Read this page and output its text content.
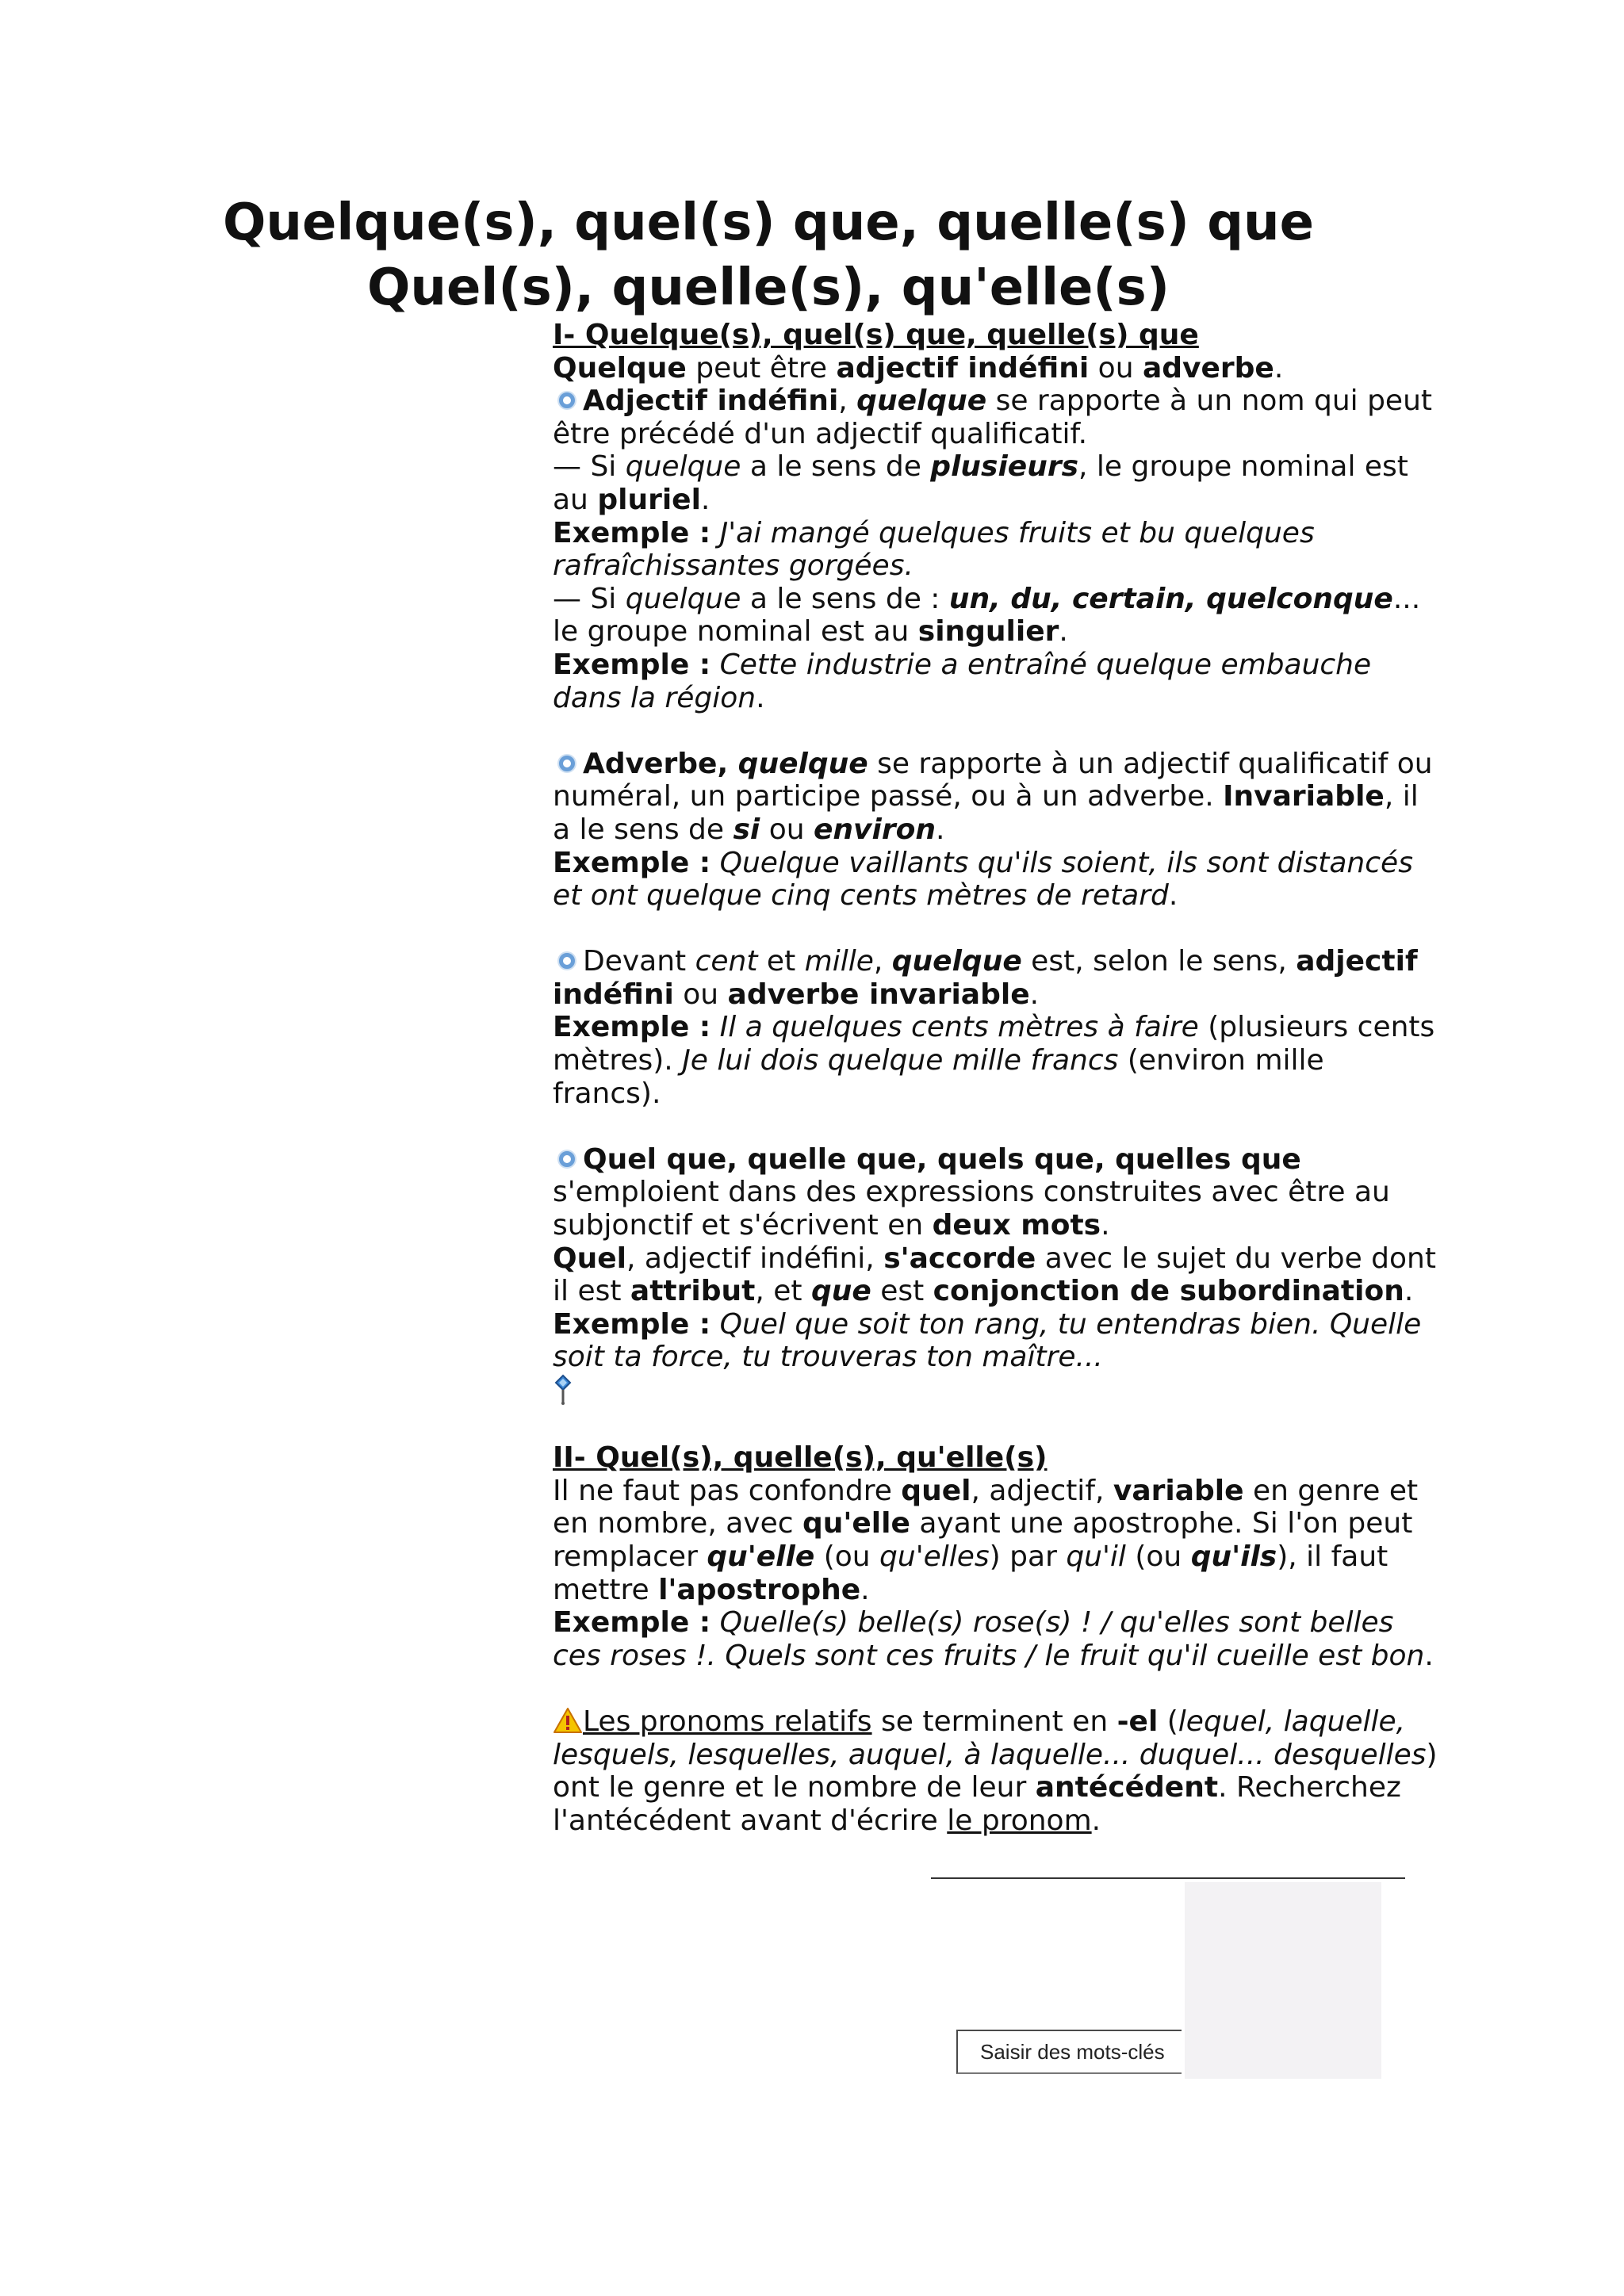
Quelque(s), quel(s) que, quelle(s) que
Quel(s), quelle(s), qu'elle(s)

I- Quelque(s), quel(s) que, quelle(s) que

Quelque peut être adjectif indéfini ou adverbe.

Adjectif indéfini, quelque se rapporte à un nom qui peut être précédé d'un adjectif qualificatif.

— Si quelque a le sens de plusieurs, le groupe nominal est au pluriel.

Exemple : J'ai mangé quelques fruits et bu quelques rafraîchissantes gorgées.

— Si quelque a le sens de : un, du, certain, quelconque... le groupe nominal est au singulier.

Exemple : Cette industrie a entraîné quelque embauche dans la région.

Adverbe, quelque se rapporte à un adjectif qualificatif ou numéral, un participe passé, ou à un adverbe. Invariable, il a le sens de si ou environ.

Exemple : Quelque vaillants qu'ils soient, ils sont distancés et ont quelque cinq cents mètres de retard.

Devant cent et mille, quelque est, selon le sens, adjectif indéfini ou adverbe invariable.

Exemple : Il a quelques cents mètres à faire (plusieurs cents mètres). Je lui dois quelque mille francs (environ mille francs).

Quel que, quelle que, quels que, quelles que

s'emploient dans des expressions construites avec être au subjonctif et s'écrivent en deux mots.

Quel, adjectif indéfini, s'accorde avec le sujet du verbe dont il est attribut, et que est conjonction de subordination.

Exemple : Quel que soit ton rang, tu entendras bien. Quelle soit ta force, tu trouveras ton maître...

II- Quel(s), quelle(s), qu'elle(s)

Il ne faut pas confondre quel, adjectif, variable en genre et en nombre, avec qu'elle ayant une apostrophe. Si l'on peut remplacer qu'elle (ou qu'elles) par qu'il (ou qu'ils), il faut mettre l'apostrophe.

Exemple : Quelle(s) belle(s) rose(s) ! / qu'elles sont belles ces roses !. Quels sont ces fruits / le fruit qu'il cueille est bon.

Les pronoms relatifs se terminent en -el (lequel, laquelle, lesquels, lesquelles, auquel, à laquelle... duquel... desquelles) ont le genre et le nombre de leur antécédent. Recherchez l'antécédent avant d'écrire le pronom.

Saisir des mots-clés
